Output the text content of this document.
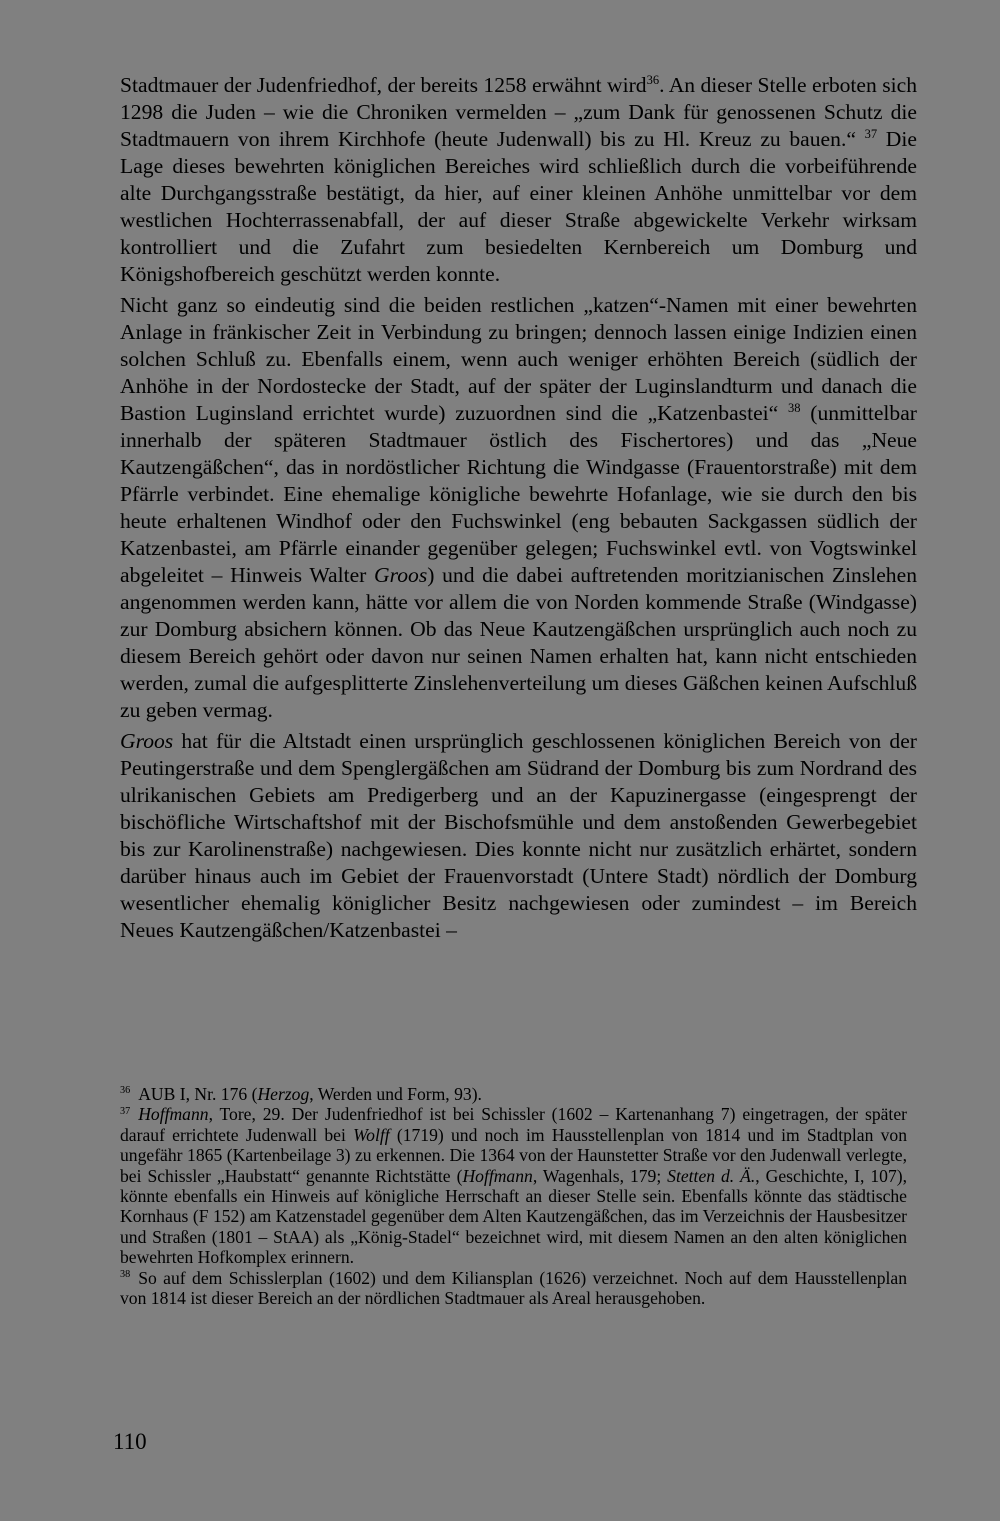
Stadtmauer der Judenfriedhof, der bereits 1258 erwähnt wird$^{36}$. An dieser Stelle erboten sich 1298 die Juden – wie die Chroniken vermelden – „zum Dank für genossenen Schutz die Stadtmauern von ihrem Kirchhofe (heute Judenwall) bis zu Hl. Kreuz zu bauen.“ $^{37}$ Die Lage dieses bewehrten königlichen Bereiches wird schließlich durch die vorbeiführende alte Durchgangsstraße bestätigt, da hier, auf einer kleinen Anhöhe unmittelbar vor dem westlichen Hochterrassenabfall, der auf dieser Straße abgewickelte Verkehr wirksam kontrolliert und die Zufahrt zum besiedelten Kernbereich um Domburg und Königshofbereich geschützt werden konnte.

Nicht ganz so eindeutig sind die beiden restlichen „katzen“-Namen mit einer bewehrten Anlage in fränkischer Zeit in Verbindung zu bringen; dennoch lassen einige Indizien einen solchen Schluß zu. Ebenfalls einem, wenn auch weniger erhöhten Bereich (südlich der Anhöhe in der Nordostecke der Stadt, auf der später der Luginslandturm und danach die Bastion Luginsland errichtet wurde) zuzuordnen sind die „Katzenbastei“ $^{38}$ (unmittelbar innerhalb der späteren Stadtmauer östlich des Fischertores) und das „Neue Kautzengäßchen“, das in nordöstlicher Richtung die Windgasse (Frauentorstraße) mit dem Pfärrle verbindet. Eine ehemalige königliche bewehrte Hofanlage, wie sie durch den bis heute erhaltenen Windhof oder den Fuchswinkel (eng bebauten Sackgassen südlich der Katzenbastei, am Pfärrle einander gegenüber gelegen; Fuchswinkel evtl. von Vogtswinkel abgeleitet – Hinweis Walter Groos) und die dabei auftretenden moritzianischen Zinslehen angenommen werden kann, hätte vor allem die von Norden kommende Straße (Windgasse) zur Domburg absichern können. Ob das Neue Kautzengäßchen ursprünglich auch noch zu diesem Bereich gehört oder davon nur seinen Namen erhalten hat, kann nicht entschieden werden, zumal die aufgesplitterte Zinslehenverteilung um dieses Gäßchen keinen Aufschluß zu geben vermag.

Groos hat für die Altstadt einen ursprünglich geschlossenen königlichen Bereich von der Peutingerstraße und dem Spenglergäßchen am Südrand der Domburg bis zum Nordrand des ulrikanischen Gebiets am Predigerberg und an der Kapuzinergasse (eingesprengt der bischöfliche Wirtschaftshof mit der Bischofsmühle und dem anstoßenden Gewerbegebiet bis zur Karolinenstraße) nachgewiesen. Dies konnte nicht nur zusätzlich erhärtet, sondern darüber hinaus auch im Gebiet der Frauenvorstadt (Untere Stadt) nördlich der Domburg wesentlicher ehemalig königlicher Besitz nachgewiesen oder zumindest – im Bereich Neues Kautzengäßchen/Katzenbastei –

$^{36}$ AUB I, Nr. 176 (Herzog, Werden und Form, 93).

$^{37}$ Hoffmann, Tore, 29. Der Judenfriedhof ist bei Schissler (1602 – Kartenanhang 7) eingetragen, der später darauf errichtete Judenwall bei Wolff (1719) und noch im Hausstellenplan von 1814 und im Stadtplan von ungefähr 1865 (Kartenbeilage 3) zu erkennen. Die 1364 von der Haunstetter Straße vor den Judenwall verlegte, bei Schissler „Haubstatt“ genannte Richtstätte (Hoffmann, Wagenhals, 179; Stetten d. Ä., Geschichte, I, 107), könnte ebenfalls ein Hinweis auf königliche Herrschaft an dieser Stelle sein. Ebenfalls könnte das städtische Kornhaus (F 152) am Katzenstadel gegenüber dem Alten Kautzengäßchen, das im Verzeichnis der Hausbesitzer und Straßen (1801 – StAA) als „König-Stadel“ bezeichnet wird, mit diesem Namen an den alten königlichen bewehrten Hofkomplex erinnern.

$^{38}$ So auf dem Schisslerplan (1602) und dem Kiliansplan (1626) verzeichnet. Noch auf dem Hausstellenplan von 1814 ist dieser Bereich an der nördlichen Stadtmauer als Areal herausgehoben.

110
